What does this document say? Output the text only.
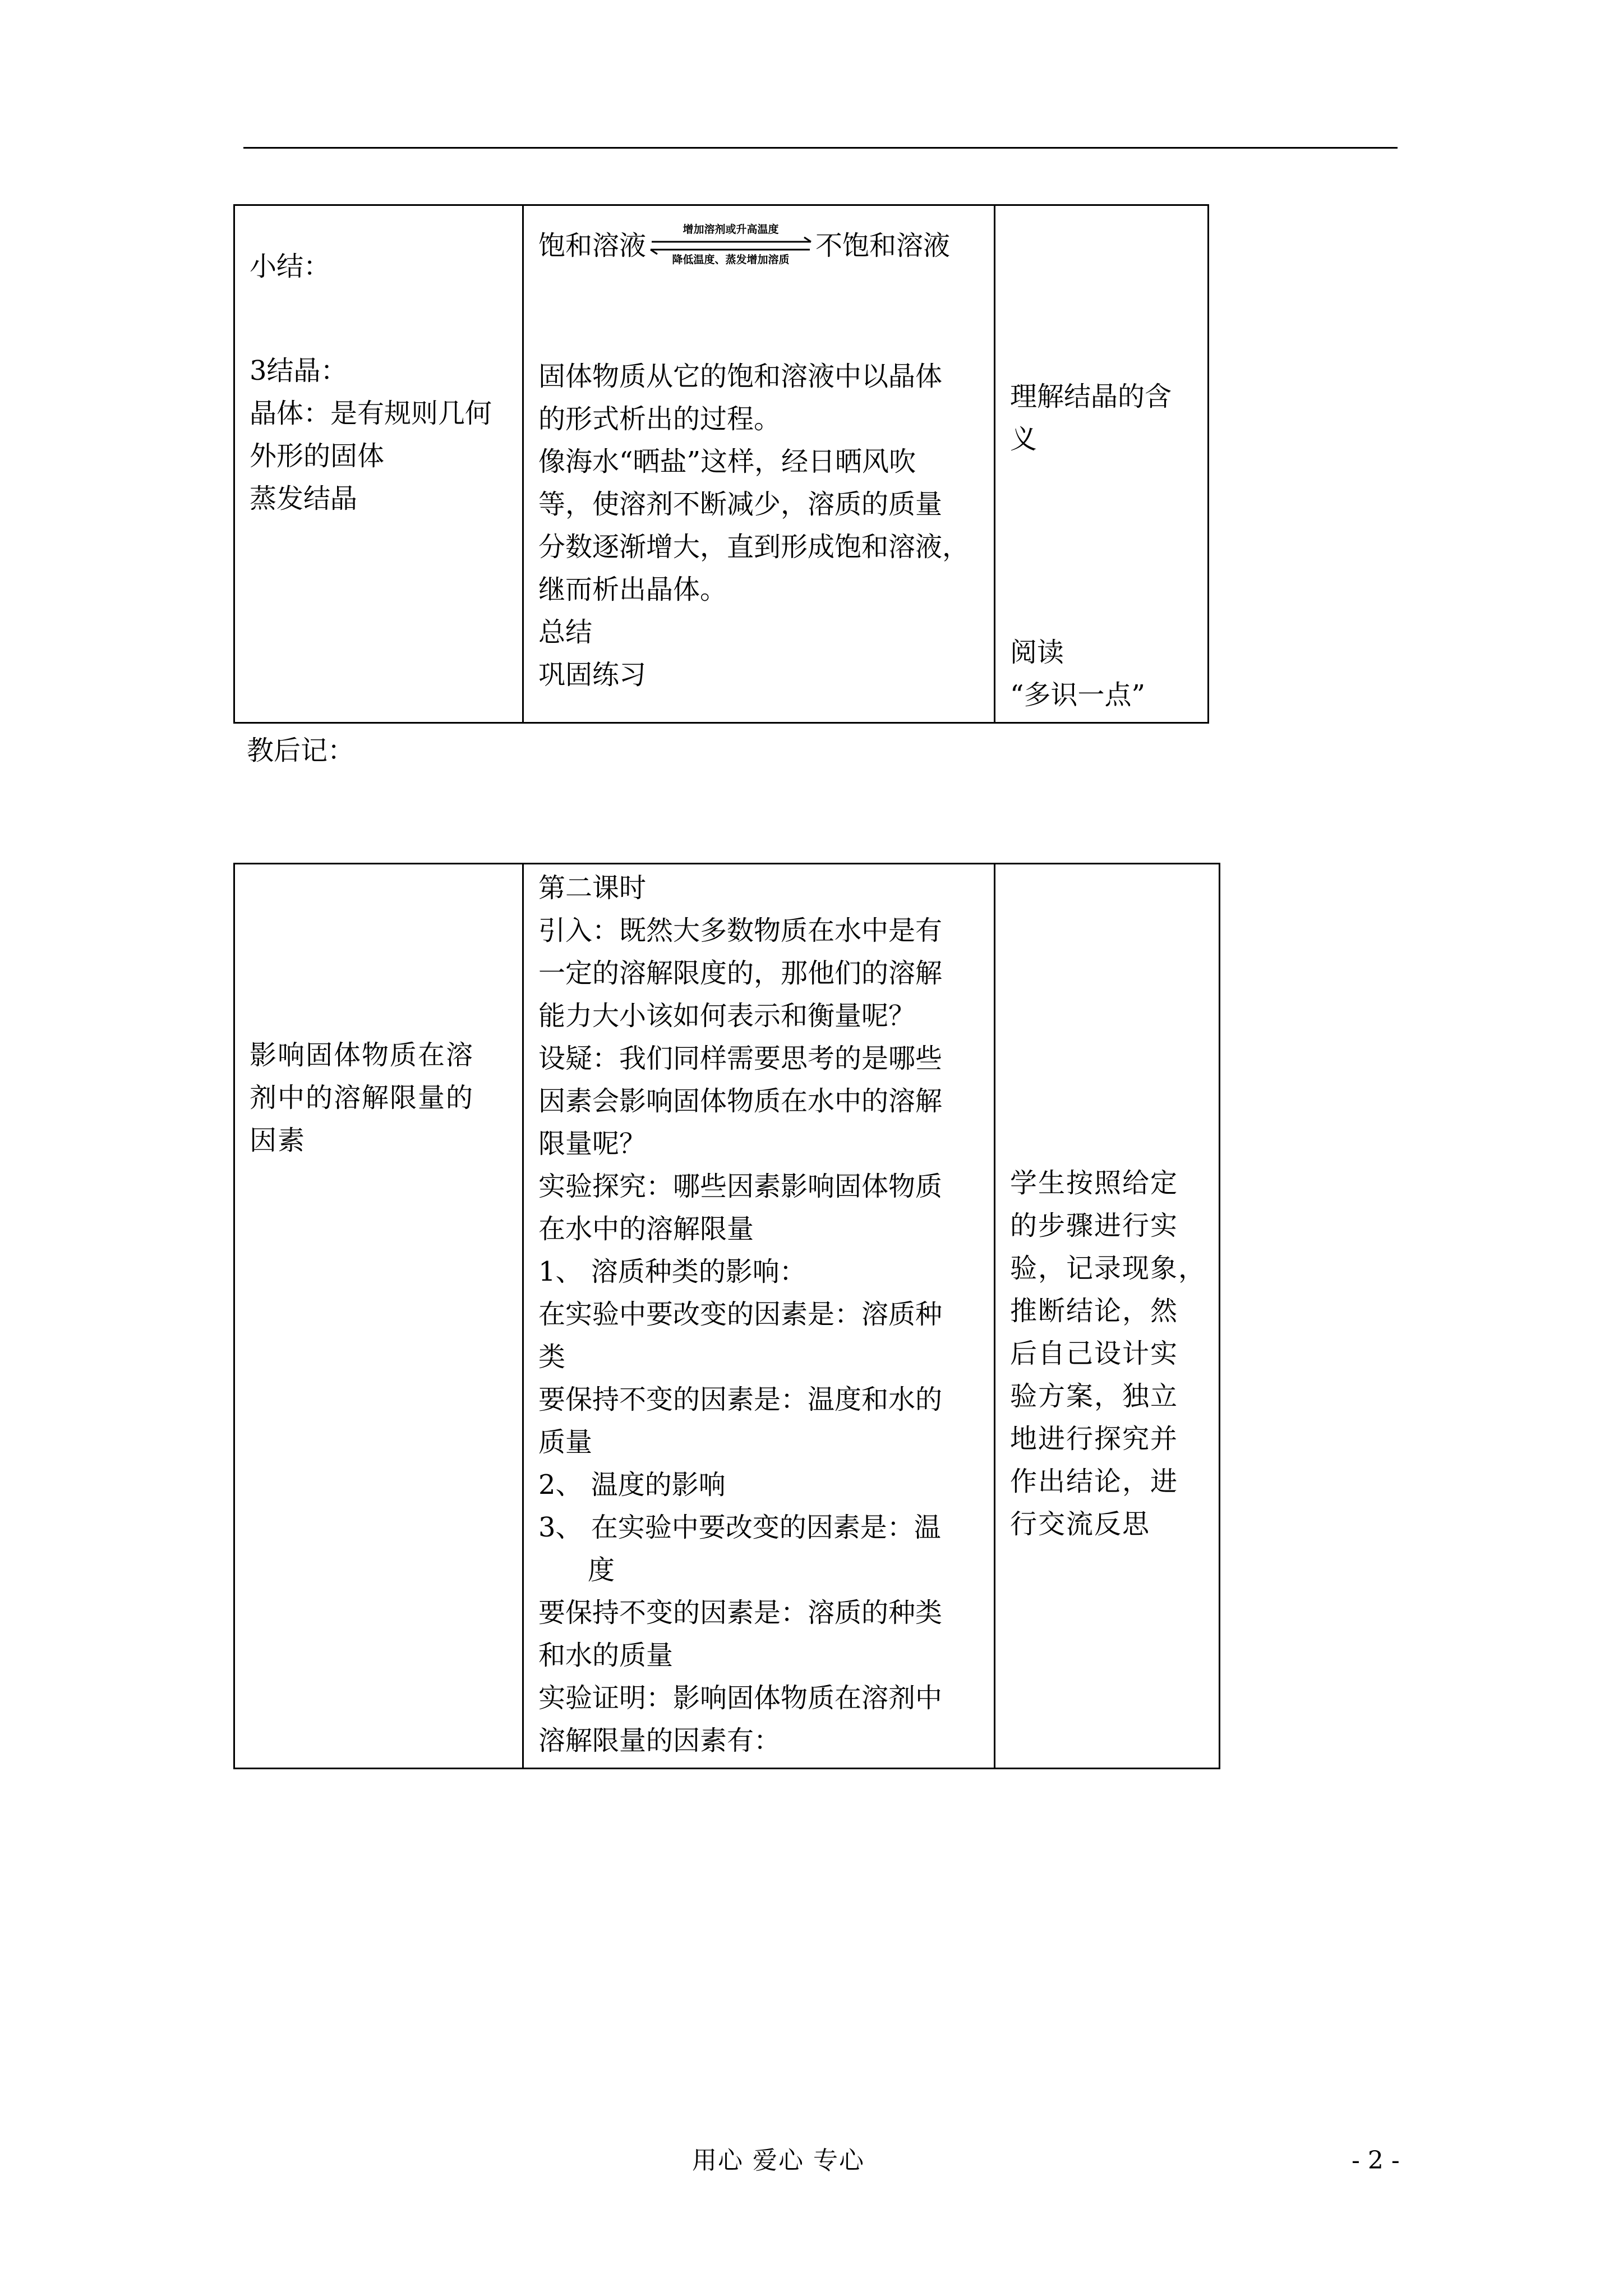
小结：
3结晶：
晶体：是有规则几何
外形的固体
蒸发结晶

饱和溶液
增加溶剂或升高温度
降低温度、蒸发增加溶质 不饱和溶液
固体物质从它的饱和溶液中以晶体
的形式析出的过程。
像海水“晒盐”这样，经日晒风吹
等，使溶剂不断减少，溶质的质量
分数逐渐增大，直到形成饱和溶液，
继而析出晶体。
总结
巩固练习

理解结晶的含
义
阅读
“多识一点”
教后记：
影响固体物质在溶
剂中的溶解限量的
因素

第二课时
引入：既然大多数物质在水中是有
一定的溶解限度的，那他们的溶解
能力大小该如何表示和衡量呢？
设疑：我们同样需要思考的是哪些
因素会影响固体物质在水中的溶解
限量呢？
实验探究：哪些因素影响固体物质
在水中的溶解限量
1、 溶质种类的影响：
在实验中要改变的因素是：溶质种
类
要保持不变的因素是：温度和水的
质量
2、 温度的影响
3、 在实验中要改变的因素是：温
度
要保持不变的因素是：溶质的种类
和水的质量
实验证明：影响固体物质在溶剂中
溶解限量的因素有：

学生按照给定
的步骤进行实
验，记录现象，
推断结论，然
后自己设计实
验方案，独立
地进行探究并
作出结论，进
行交流反思
用心 爱心 专心	- 2 -
